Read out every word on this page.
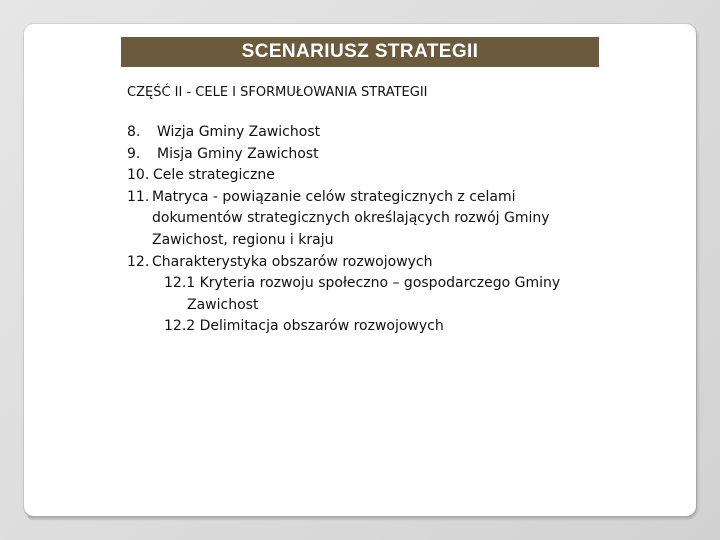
SCENARIUSZ STRATEGII
CZĘŚĆ II - CELE I SFORMUŁOWANIA STRATEGII
8.	Wizja Gminy Zawichost
9.	Misja Gminy Zawichost
10. Cele strategiczne
11. Matryca - powiązanie celów strategicznych z celami
dokumentów strategicznych określających rozwój Gminy
Zawichost, regionu i kraju
12. Charakterystyka obszarów rozwojowych
12.1 Kryteria rozwoju społeczno – gospodarczego Gminy
Zawichost
12.2 Delimitacja obszarów rozwojowych
